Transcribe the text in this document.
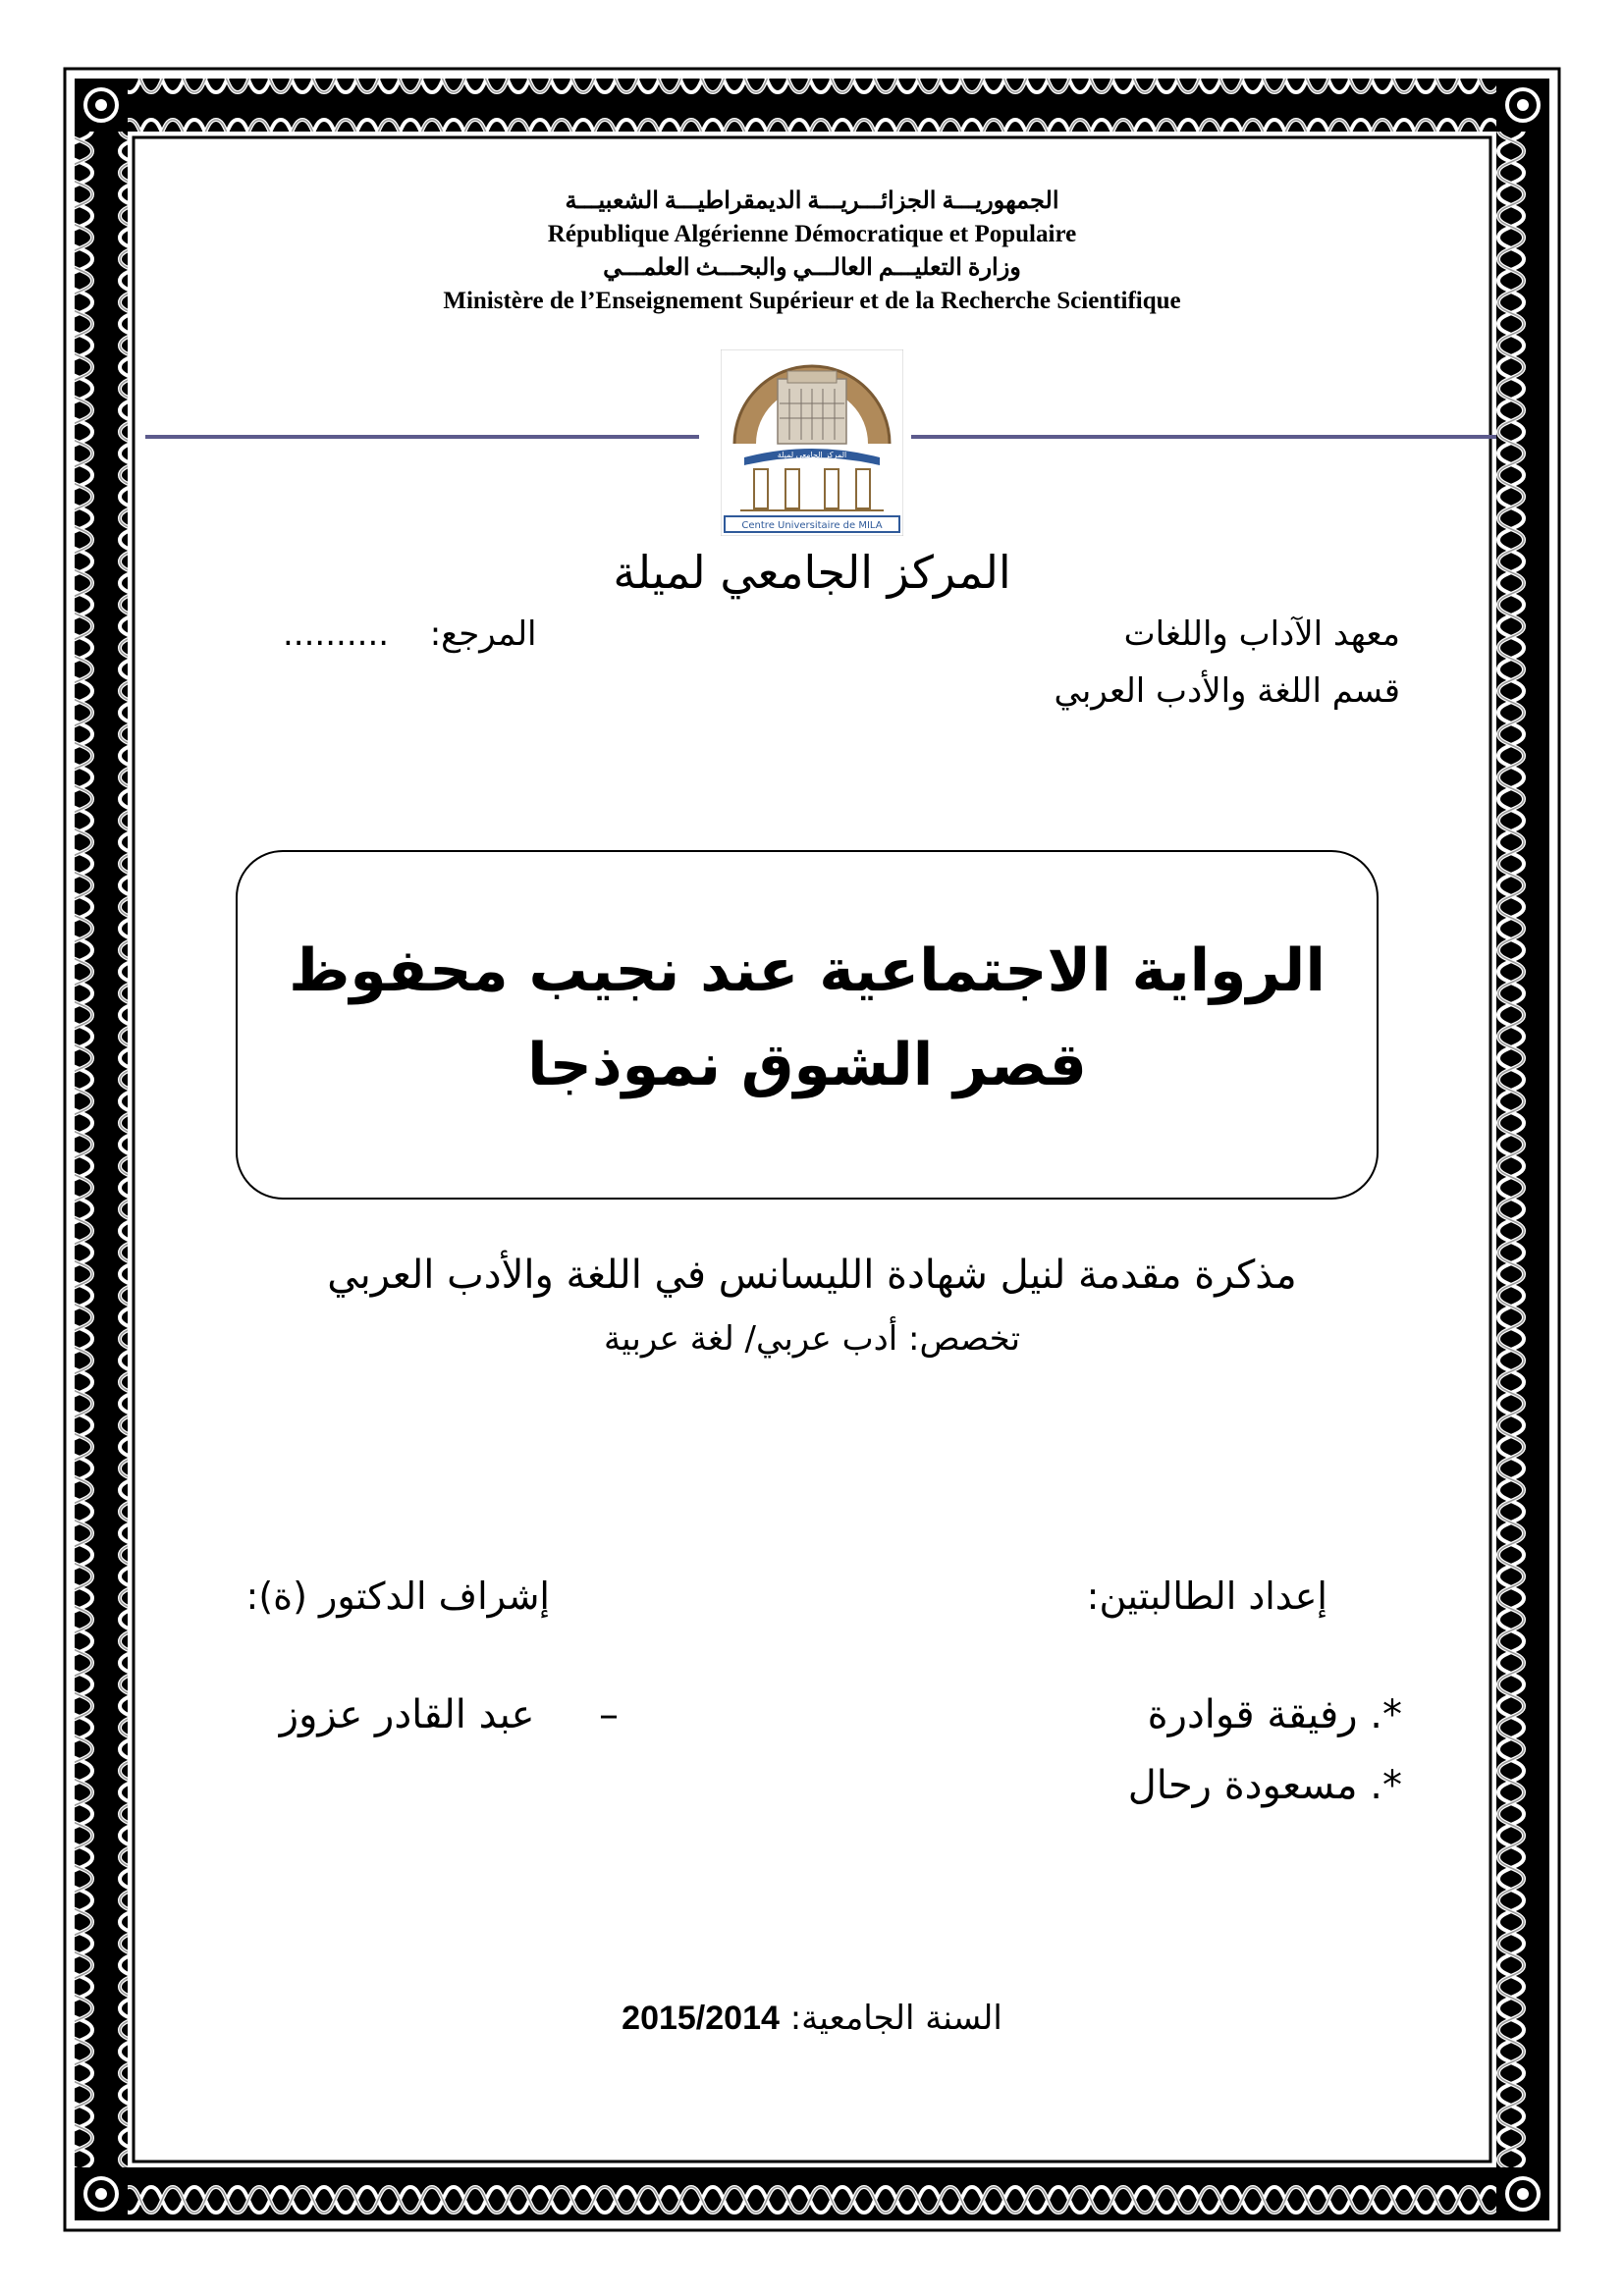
الجمهوريـــة الجزائـــريـــة الديمقراطيـــة الشعبيـــة
République Algérienne Démocratique et Populaire
وزارة التعليـــم العالـــي والبحـــث العلمـــي
Ministère de l’Enseignement Supérieur et de la Recherche Scientifique
المركز الجامعي لميلة
Centre Universitaire de MILA
المركز الجامعي لميلة
معهد الآداب واللغات
قسم اللغة والأدب العربي
المرجع:  ..........
الرواية الاجتماعية عند نجيب محفوظ
قصر الشوق نموذجا
مذكرة مقدمة لنيل شهادة الليسانس في اللغة والأدب العربي
تخصص: أدب عربي/ لغة عربية
إعداد الطالبتين:
إشراف الدكتور (ة):
*. رفيقة قوادرة
*. مسعودة رحال
–  عبد القادر عزوز
السنة الجامعية: 2015/2014
